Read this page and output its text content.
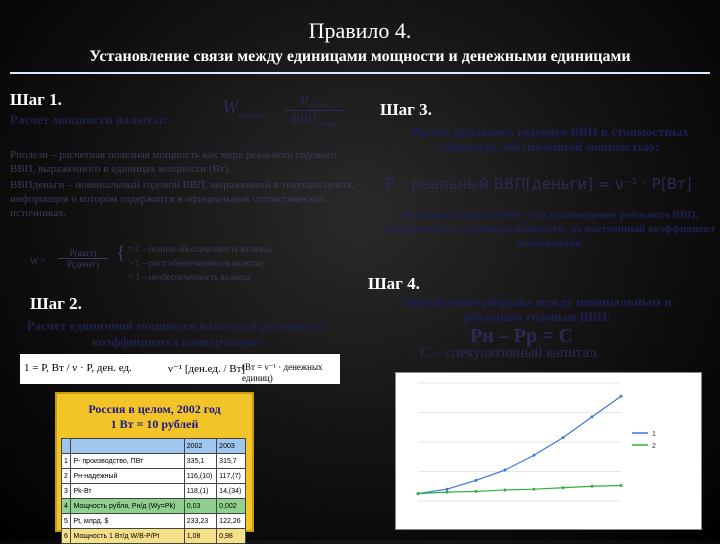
Правило 4.
Установление связи между единицами мощности и денежными единицами
Шаг 1.
Расчет мощности валюты:
$W_{валюты}$
$P_{полезн}$
$ВВП_{деньги}$
Pполезн – расчетная полезная мощность как мера реального годового ВВП, выраженного в единицах мощности (Вт).
ВВПденьги – номинальный годовой ВВП, выраженный в текущих ценах, информация о котором содержится в официальных статистических источниках.
W =
P(ватт)
P(денег) { = 1 – полная обеспеченность валюты;
> 1 – рост обеспеченности валюты;
< 1 – необеспеченность валюты.
Шаг 2.
Расчет единичной мощности валюты и размерного коэффициента конвертации:
1 = P, Вт / ν · P, ден. ед.	ν⁻¹ [ден.ед. / Вт]
(Вт = ν⁻¹ · денежных единиц)
Россия в целом, 2002 год
1 Вт = 10 рублей
		2002	2003
1	P- производство, ПВт	335,1	315,7
2	Рн-надежный	116,(10)	117,(7)
3	Рk-Вт	118,(1)	14,(34)
4	Мощность рубля, Рн/д (Wy=Pk)	0,03	0,002
5	Рt, млрд. $	233,23	122,26
6	Мощность 1 Вт/д W/B-P/Pt	1,08	0,98
Шаг 3.
Расчет реального годового ВВП в стоимостных единицах, обеспеченной мощностью:
P – реальный ВВП[деньги] = ν⁻¹ · P[Вт]
Реальный годовой ВВП – это произведение реального ВВП, выраженного в единицах мощности, на постоянный коэффициент конвертации.
Шаг 4.
Определение разрыва между номинальным и реальным годовым ВВП:
Pн – Pр = C
C – спекулятивный капитал
1
2
